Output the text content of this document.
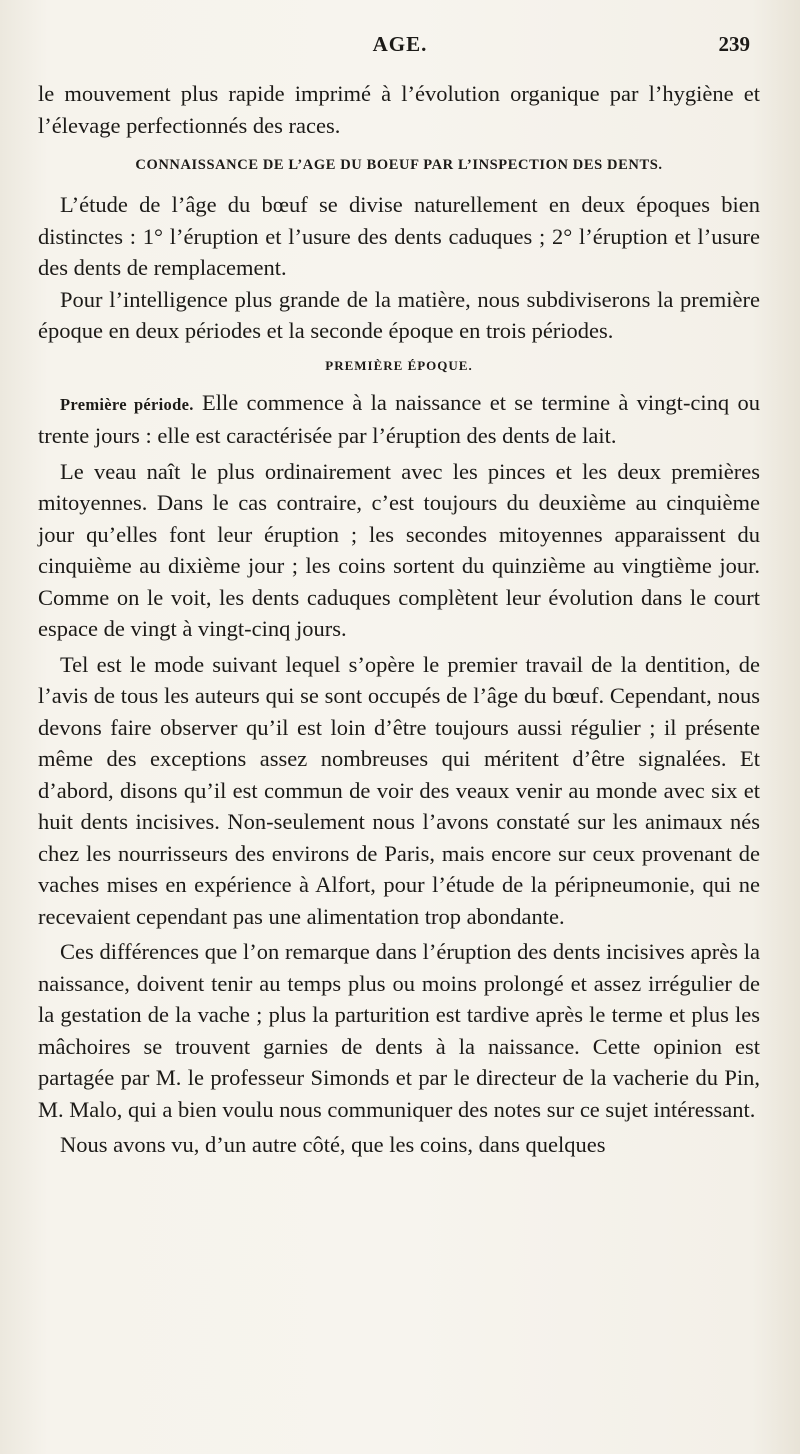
AGE.	239

le mouvement plus rapide imprimé à l’évolution organique par l’hygiène et l’élevage perfectionnés des races.

CONNAISSANCE DE L’AGE DU BOEUF PAR L’INSPECTION DES DENTS.

L’étude de l’âge du bœuf se divise naturellement en deux époques bien distinctes : 1° l’éruption et l’usure des dents caduques ; 2° l’éruption et l’usure des dents de remplacement.

Pour l’intelligence plus grande de la matière, nous subdiviserons la première époque en deux périodes et la seconde époque en trois périodes.

PREMIÈRE ÉPOQUE.

Première période. Elle commence à la naissance et se termine à vingt-cinq ou trente jours : elle est caractérisée par l’éruption des dents de lait.

Le veau naît le plus ordinairement avec les pinces et les deux premières mitoyennes. Dans le cas contraire, c’est toujours du deuxième au cinquième jour qu’elles font leur éruption ; les secondes mitoyennes apparaissent du cinquième au dixième jour ; les coins sortent du quinzième au vingtième jour. Comme on le voit, les dents caduques complètent leur évolution dans le court espace de vingt à vingt-cinq jours.

Tel est le mode suivant lequel s’opère le premier travail de la dentition, de l’avis de tous les auteurs qui se sont occupés de l’âge du bœuf. Cependant, nous devons faire observer qu’il est loin d’être toujours aussi régulier ; il présente même des exceptions assez nombreuses qui méritent d’être signalées. Et d’abord, disons qu’il est commun de voir des veaux venir au monde avec six et huit dents incisives. Non-seulement nous l’avons constaté sur les animaux nés chez les nourrisseurs des environs de Paris, mais encore sur ceux provenant de vaches mises en expérience à Alfort, pour l’étude de la péripneumonie, qui ne recevaient cependant pas une alimentation trop abondante.

Ces différences que l’on remarque dans l’éruption des dents incisives après la naissance, doivent tenir au temps plus ou moins prolongé et assez irrégulier de la gestation de la vache ; plus la parturition est tardive après le terme et plus les mâchoires se trouvent garnies de dents à la naissance. Cette opinion est partagée par M. le professeur Simonds et par le directeur de la vacherie du Pin, M. Malo, qui a bien voulu nous communiquer des notes sur ce sujet intéressant.

Nous avons vu, d’un autre côté, que les coins, dans quelques
